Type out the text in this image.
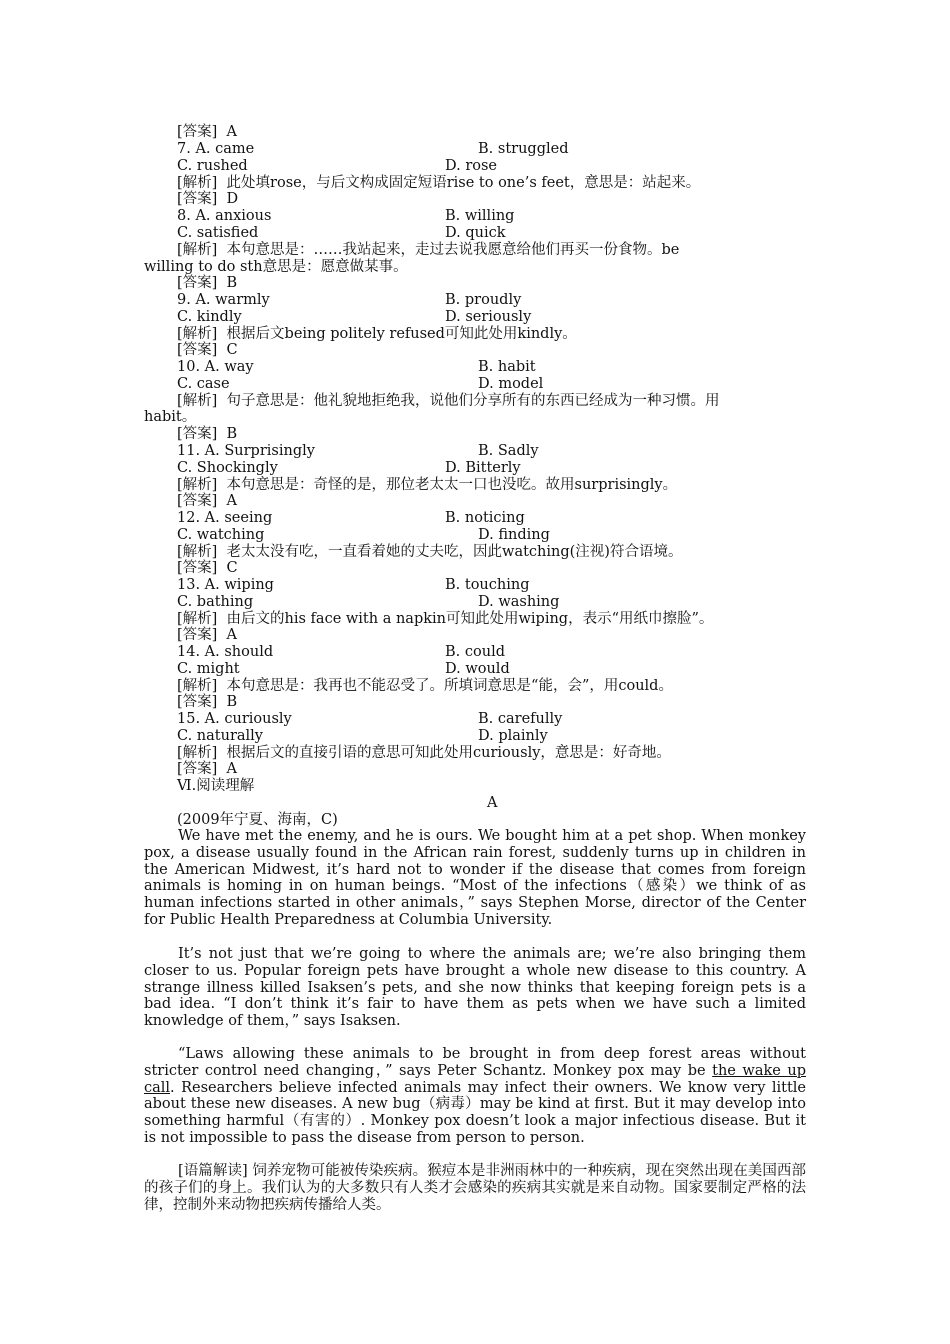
[答案]  A
7. A. came	B. struggled
C. rushed	D. rose
[解析]  此处填rose，与后文构成固定短语rise to one’s feet，意思是：站起来。
[答案]  D
8. A. anxious	B. willing
C. satisfied	D. quick
[解析]  本句意思是：……我站起来，走过去说我愿意给他们再买一份食物。be
willing to do sth意思是：愿意做某事。
[答案]  B
9. A. warmly	B. proudly
C. kindly	D. seriously
[解析]  根据后文being politely refused可知此处用kindly。
[答案]  C
10. A. way	B. habit
C. case	D. model
[解析]  句子意思是：他礼貌地拒绝我，说他们分享所有的东西已经成为一种习惯。用
habit。
[答案]  B
11. A. Surprisingly	B. Sadly
C. Shockingly	D. Bitterly
[解析]  本句意思是：奇怪的是，那位老太太一口也没吃。故用surprisingly。
[答案]  A
12. A. seeing	B. noticing
C. watching	D. finding
[解析]  老太太没有吃，一直看着她的丈夫吃，因此watching(注视)符合语境。
[答案]  C
13. A. wiping	B. touching
C. bathing	D. washing
[解析]  由后文的his face with a napkin可知此处用wiping，表示“用纸巾擦脸”。
[答案]  A
14. A. should	B. could
C. might	D. would
[解析]  本句意思是：我再也不能忍受了。所填词意思是“能，会”，用could。
[答案]  B
15. A. curiously	B. carefully
C. naturally	D. plainly
[解析]  根据后文的直接引语的意思可知此处用curiously，意思是：好奇地。
[答案]  A
Ⅵ.阅读理解
A
(2009年宁夏、海南，C)
We have met the enemy, and he is ours. We bought him at a pet shop. When monkey pox, a disease usually found in the African rain forest, suddenly turns up in children in the American Midwest, it’s hard not to wonder if the disease that comes from foreign animals is homing in on human beings. “Most of the infections（感染）we think of as human infections started in other animals，” says Stephen Morse, director of the Center for Public Health Preparedness at Columbia University.
It’s not just that we’re going to where the animals are; we’re also bringing them closer to us. Popular foreign pets have brought a whole new disease to this country. A strange illness killed Isaksen’s pets, and she now thinks that keeping foreign pets is a bad idea. “I don’t think it’s fair to have them as pets when we have such a limited knowledge of them，” says Isaksen.
“Laws allowing these animals to be brought in from deep forest areas without stricter control need changing，” says Peter Schantz. Monkey pox may be the wake up call. Researchers believe infected animals may infect their owners. We know very little about these new diseases. A new bug（病毒）may be kind at first. But it may develop into something harmful（有害的）. Monkey pox doesn’t look a major infectious disease. But it is not impossible to pass the disease from person to person.
[语篇解读] 饲养宠物可能被传染疾病。猴痘本是非洲雨林中的一种疾病，现在突然出现在美国西部的孩子们的身上。我们认为的大多数只有人类才会感染的疾病其实就是来自动物。国家要制定严格的法律，控制外来动物把疾病传播给人类。
